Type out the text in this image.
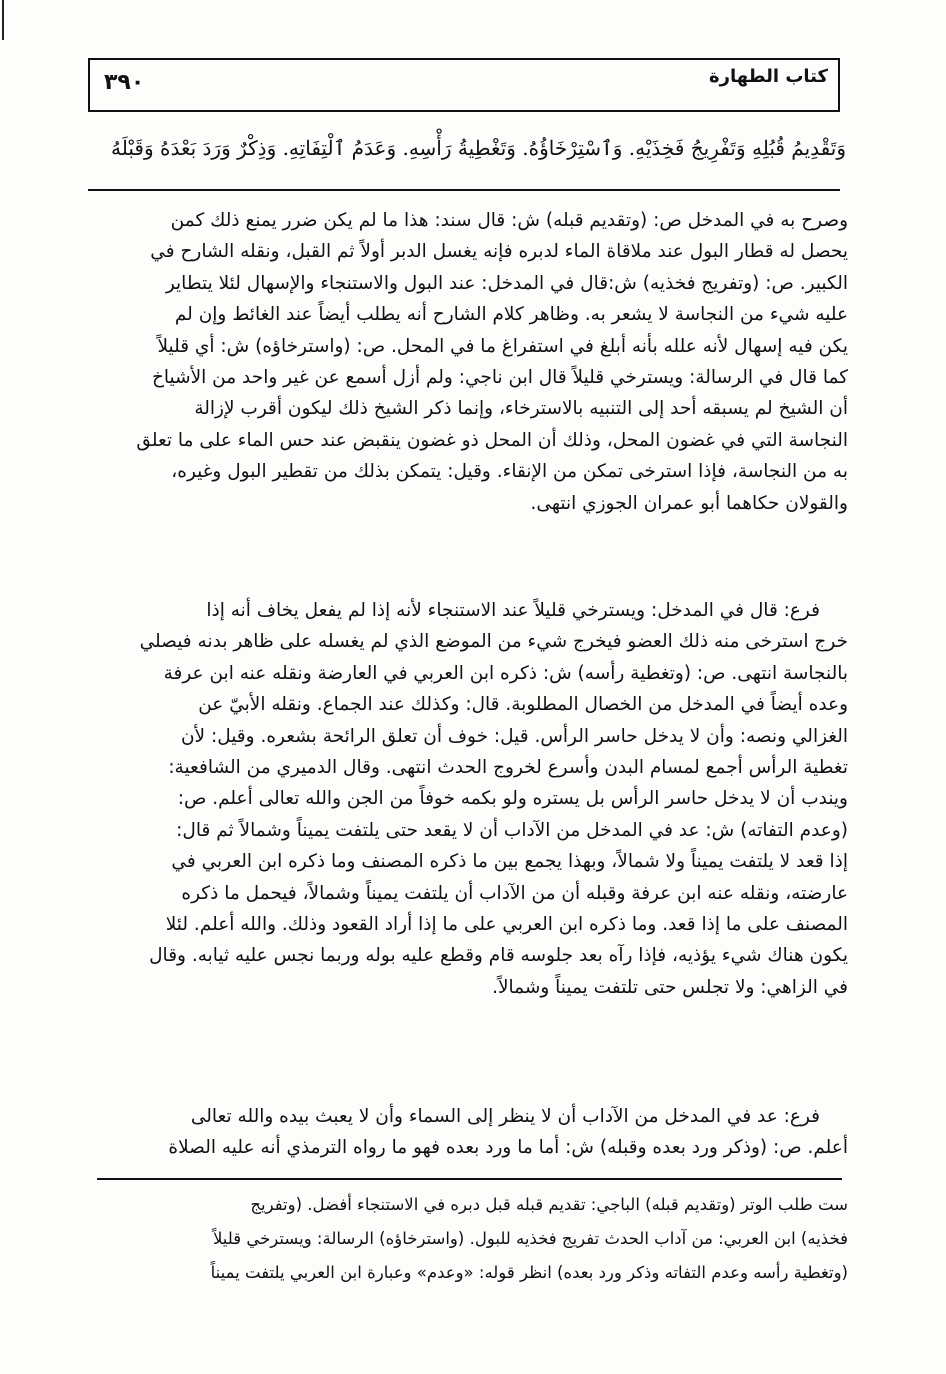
كتاب الطهارة
٣٩٠
وَتَقْدِيمُ قُبُلِهِ وَتَفْرِيجُ فَخِذَيْهِ. وَٱسْتِرْخَاؤُهُ. وَتَغْطِيةُ رَأْسِهِ. وَعَدَمُ ٱلْتِفَاتِهِ. وَذِكْرٌ وَرَدَ بَعْدَهُ وَقَبْلَهُ
وصرح به في المدخل ص: (وتقديم قبله) ش: قال سند: هذا ما لم يكن ضرر يمنع ذلك كمن
يحصل له قطار البول عند ملاقاة الماء لدبره فإنه يغسل الدبر أولاً ثم القبل، ونقله الشارح في
الكبير. ص: (وتفريج فخذيه) ش:قال في المدخل: عند البول والاستنجاء والإسهال لئلا يتطاير
عليه شيء من النجاسة لا يشعر به. وظاهر كلام الشارح أنه يطلب أيضاً عند الغائط وإن لم
يكن فيه إسهال لأنه علله بأنه أبلغ في استفراغ ما في المحل. ص: (واسترخاؤه) ش: أي قليلاً
كما قال في الرسالة: ويسترخي قليلاً قال ابن ناجي: ولم أزل أسمع عن غير واحد من الأشياخ
أن الشيخ لم يسبقه أحد إلى التنبيه بالاسترخاء، وإنما ذكر الشيخ ذلك ليكون أقرب لإزالة
النجاسة التي في غضون المحل، وذلك أن المحل ذو غضون ينقبض عند حس الماء على ما تعلق
به من النجاسة، فإذا استرخى تمكن من الإنقاء. وقيل: يتمكن بذلك من تقطير البول وغيره،
والقولان حكاهما أبو عمران الجوزي انتهى.
فرع: قال في المدخل: ويسترخي قليلاً عند الاستنجاء لأنه إذا لم يفعل يخاف أنه إذا
خرج استرخى منه ذلك العضو فيخرج شيء من الموضع الذي لم يغسله على ظاهر بدنه فيصلي
بالنجاسة انتهى. ص: (وتغطية رأسه) ش: ذكره ابن العربي في العارضة ونقله عنه ابن عرفة
وعده أيضاً في المدخل من الخصال المطلوبة. قال: وكذلك عند الجماع. ونقله الأبيّ عن
الغزالي ونصه: وأن لا يدخل حاسر الرأس. قيل: خوف أن تعلق الرائحة بشعره. وقيل: لأن
تغطية الرأس أجمع لمسام البدن وأسرع لخروج الحدث انتهى. وقال الدميري من الشافعية:
ويندب أن لا يدخل حاسر الرأس بل يستره ولو بكمه خوفاً من الجن والله تعالى أعلم. ص:
(وعدم التفاته) ش: عد في المدخل من الآداب أن لا يقعد حتى يلتفت يميناً وشمالاً ثم قال:
إذا قعد لا يلتفت يميناً ولا شمالاً، وبهذا يجمع بين ما ذكره المصنف وما ذكره ابن العربي في
عارضته، ونقله عنه ابن عرفة وقبله أن من الآداب أن يلتفت يميناً وشمالاً، فيحمل ما ذكره
المصنف على ما إذا قعد. وما ذكره ابن العربي على ما إذا أراد القعود وذلك. والله أعلم. لئلا
يكون هناك شيء يؤذيه، فإذا رآه بعد جلوسه قام وقطع عليه بوله وربما نجس عليه ثيابه. وقال
في الزاهي: ولا تجلس حتى تلتفت يميناً وشمالاً.
فرع: عد في المدخل من الآداب أن لا ينظر إلى السماء وأن لا يعبث بيده والله تعالى
أعلم. ص: (وذكر ورد بعده وقبله) ش: أما ما ورد بعده فهو ما رواه الترمذي أنه عليه الصلاة
ست طلب الوتر (وتقديم قبله) الباجي: تقديم قبله قبل دبره في الاستنجاء أفضل. (وتفريج
فخذيه) ابن العربي: من آداب الحدث تفريج فخذيه للبول. (واسترخاؤه) الرسالة: ويسترخي قليلاً
(وتغطية رأسه وعدم التفاته وذكر ورد بعده) انظر قوله: «وعدم» وعبارة ابن العربي يلتفت يميناً
